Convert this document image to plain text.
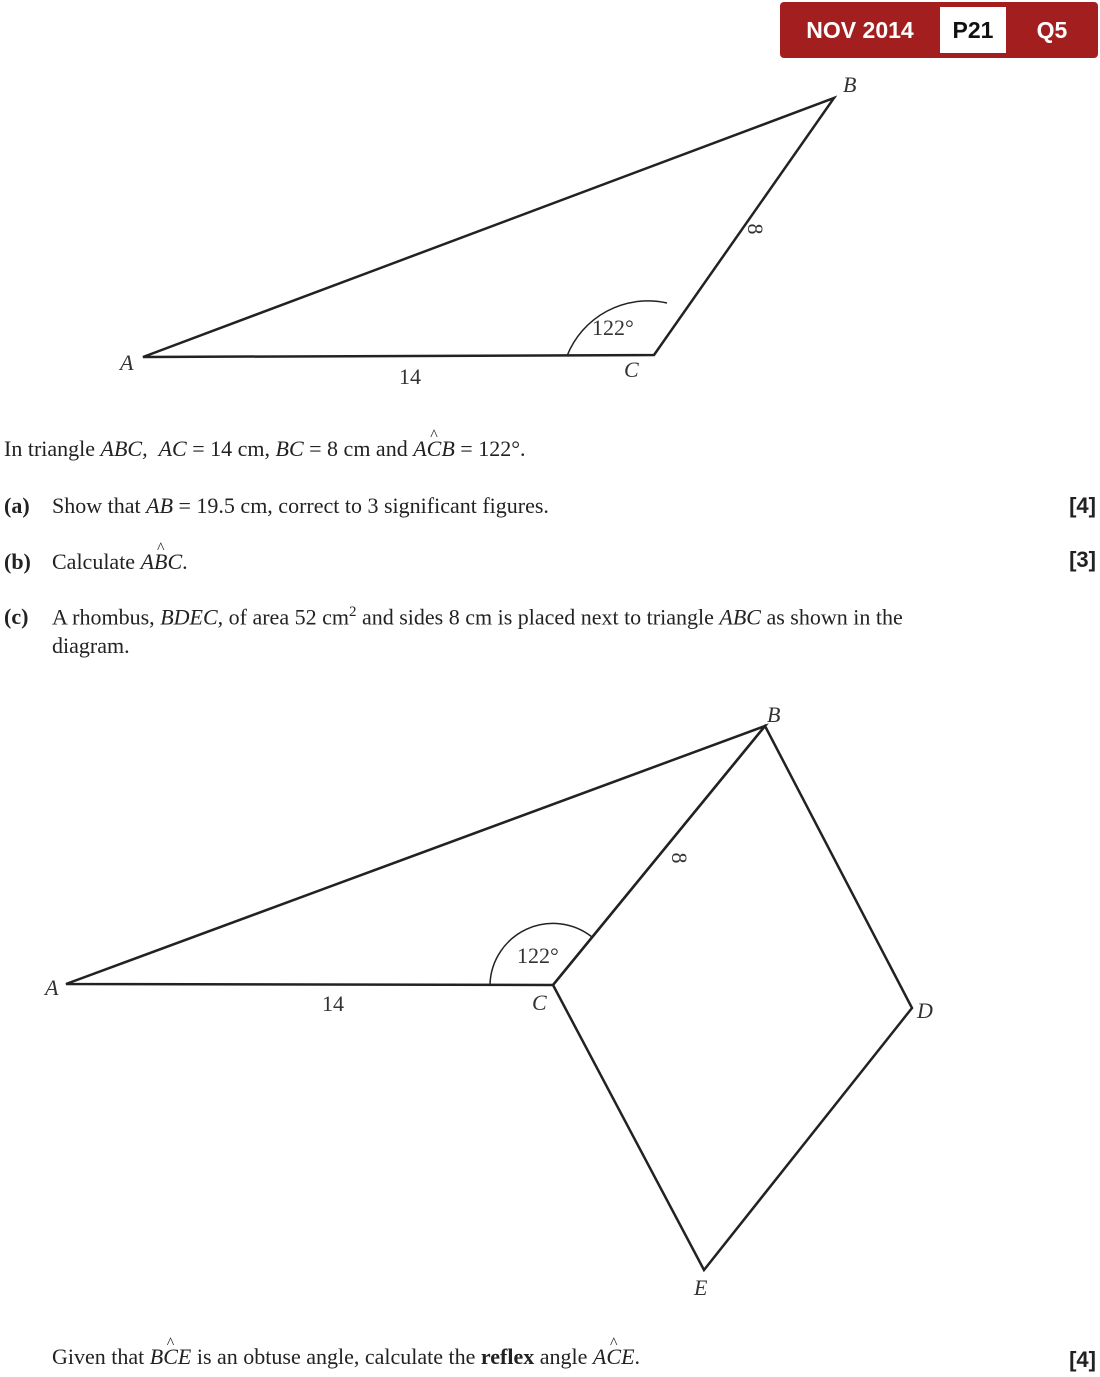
NOV 2014	P21	Q5
A
B
C
14
8
122°
A
B
C	D
E
14
8
122°
In triangle ABC, AC = 14 cm, BC = 8 cm and A^ CB = 122°.
(a) Show that AB = 19.5 cm, correct to 3 significant figures.	[4]
(b) Calculate A^ BC.	[3]
(c) A rhombus, BDEC, of area 52 $cm^2$ and sides 8 cm is placed next to triangle ABC as shown in the
diagram.
Given that B^ CE is an obtuse angle, calculate the reflex angle A^ CE.	[4]
